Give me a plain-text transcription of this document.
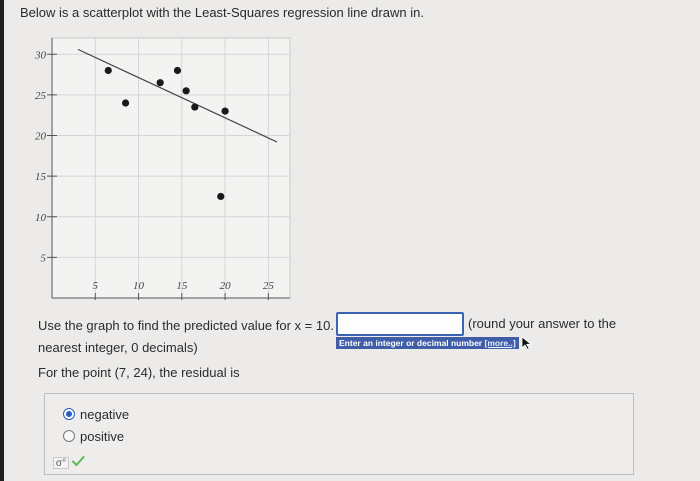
Below is a scatterplot with the Least-Squares regression line drawn in.
30
25
20
15
10
5
5	10	15	20	25
Use the graph to find the predicted value for x = 10.	(round your answer to the
nearest integer, 0 decimals)	Enter an integer or decimal number [more..]
For the point (7, 24), the residual is
negative
positive
σ°
